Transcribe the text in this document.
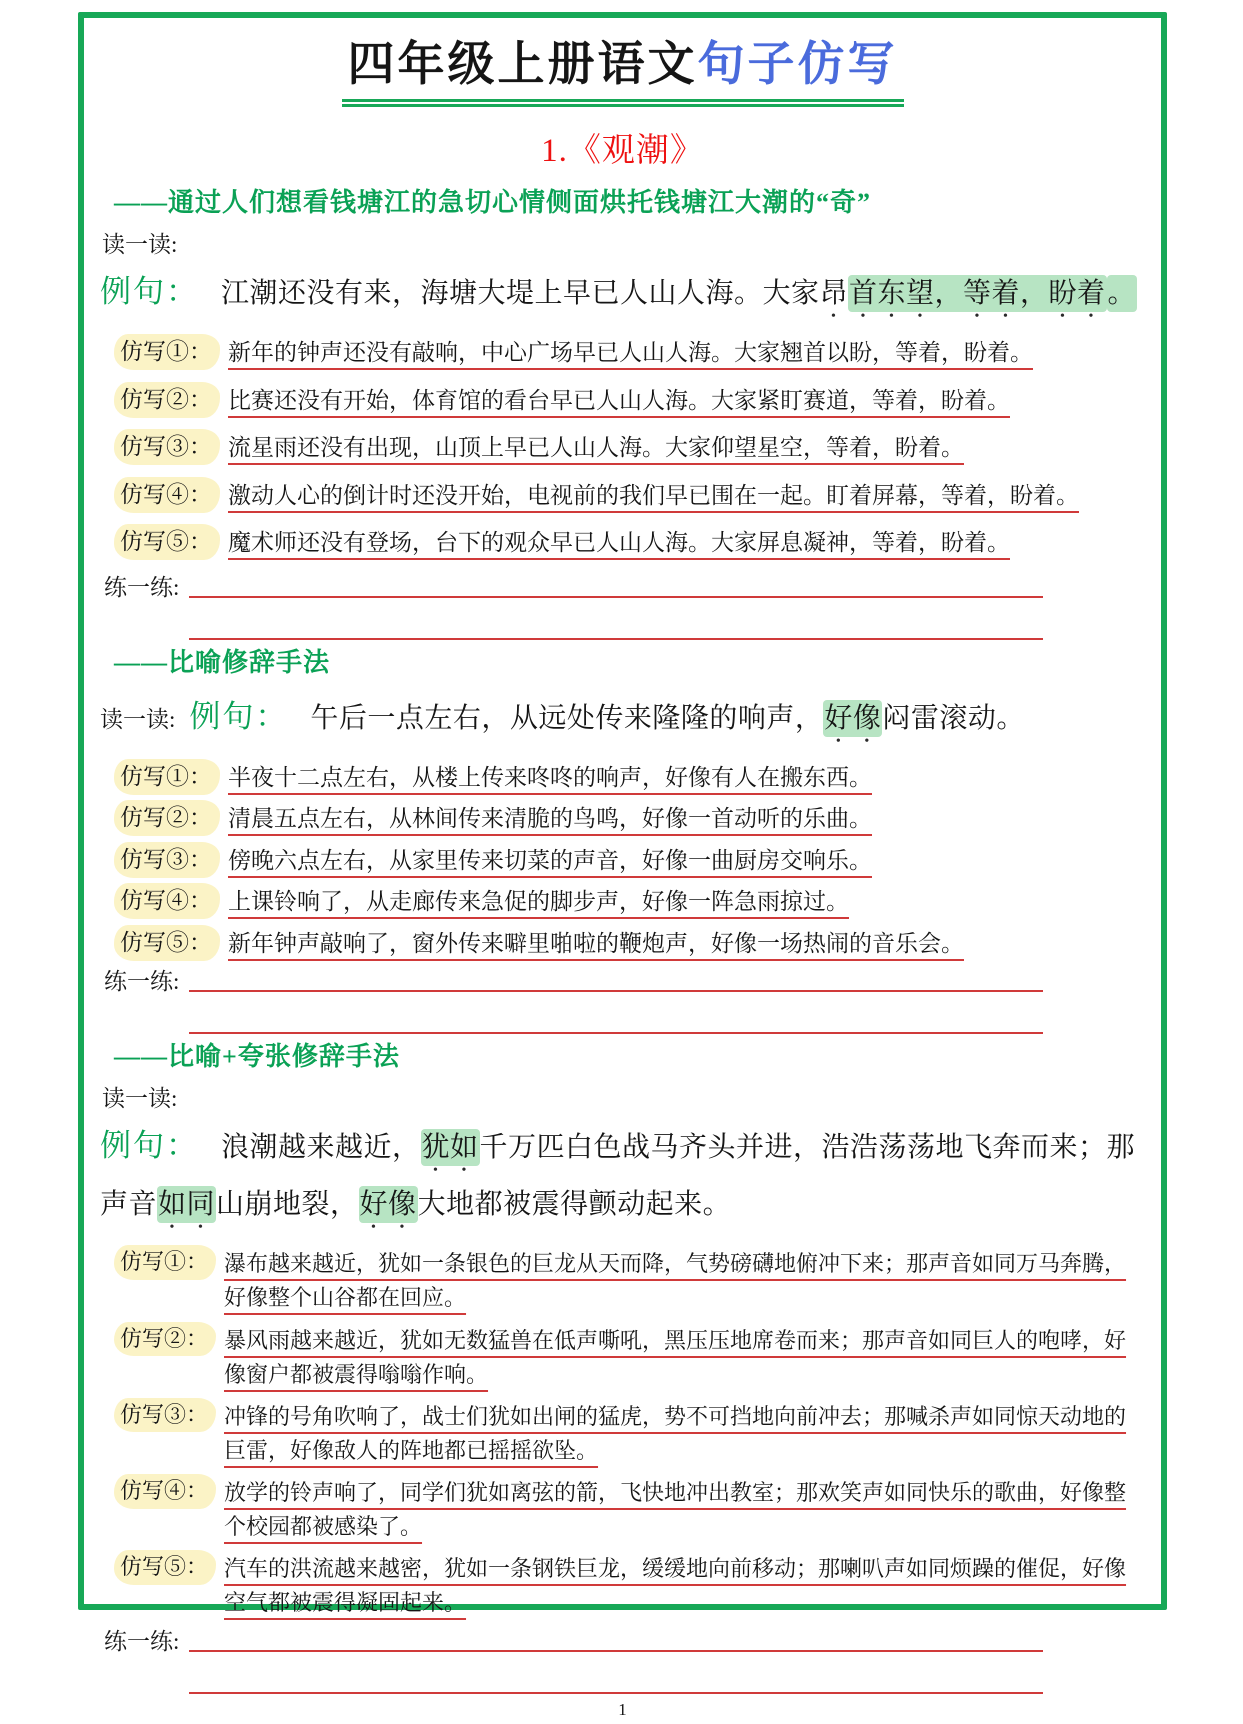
四年级上册语文句子仿写
1.《观潮》
——通过人们想看钱塘江的急切心情侧面烘托钱塘江大潮的“奇”

读一读:

例句： 江潮还没有来，海塘大堤上早已人山人海。大家昂首东望，等着，盼着。

仿写①： 新年的钟声还没有敲响，中心广场早已人山人海。大家翘首以盼，等着，盼着。
仿写②： 比赛还没有开始，体育馆的看台早已人山人海。大家紧盯赛道，等着，盼着。
仿写③： 流星雨还没有出现，山顶上早已人山人海。大家仰望星空，等着，盼着。
仿写④： 激动人心的倒计时还没开始，电视前的我们早已围在一起。盯着屏幕，等着，盼着。
仿写⑤： 魔术师还没有登场，台下的观众早已人山人海。大家屏息凝神，等着，盼着。
练一练:
——比喻修辞手法

读一读: 例句： 午后一点左右，从远处传来隆隆的响声，好像闷雷滚动。

仿写①： 半夜十二点左右，从楼上传来咚咚的响声，好像有人在搬东西。
仿写②： 清晨五点左右，从林间传来清脆的鸟鸣，好像一首动听的乐曲。
仿写③： 傍晚六点左右，从家里传来切菜的声音，好像一曲厨房交响乐。
仿写④： 上课铃响了，从走廊传来急促的脚步声，好像一阵急雨掠过。
仿写⑤： 新年钟声敲响了，窗外传来噼里啪啦的鞭炮声，好像一场热闹的音乐会。
练一练:
——比喻+夸张修辞手法

读一读:

例句： 浪潮越来越近，犹如千万匹白色战马齐头并进，浩浩荡荡地飞奔而来；那声音如同山崩地裂，好像大地都被震得颤动起来。

仿写①： 瀑布越来越近，犹如一条银色的巨龙从天而降，气势磅礴地俯冲下来；那声音如同万马奔腾，好像整个山谷都在回应。
仿写②： 暴风雨越来越近，犹如无数猛兽在低声嘶吼，黑压压地席卷而来；那声音如同巨人的咆哮，好像窗户都被震得嗡嗡作响。
仿写③： 冲锋的号角吹响了，战士们犹如出闸的猛虎，势不可挡地向前冲去；那喊杀声如同惊天动地的巨雷，好像敌人的阵地都已摇摇欲坠。
仿写④： 放学的铃声响了，同学们犹如离弦的箭，飞快地冲出教室；那欢笑声如同快乐的歌曲，好像整个校园都被感染了。
仿写⑤： 汽车的洪流越来越密，犹如一条钢铁巨龙，缓缓地向前移动；那喇叭声如同烦躁的催促，好像空气都被震得凝固起来。
练一练:
1
